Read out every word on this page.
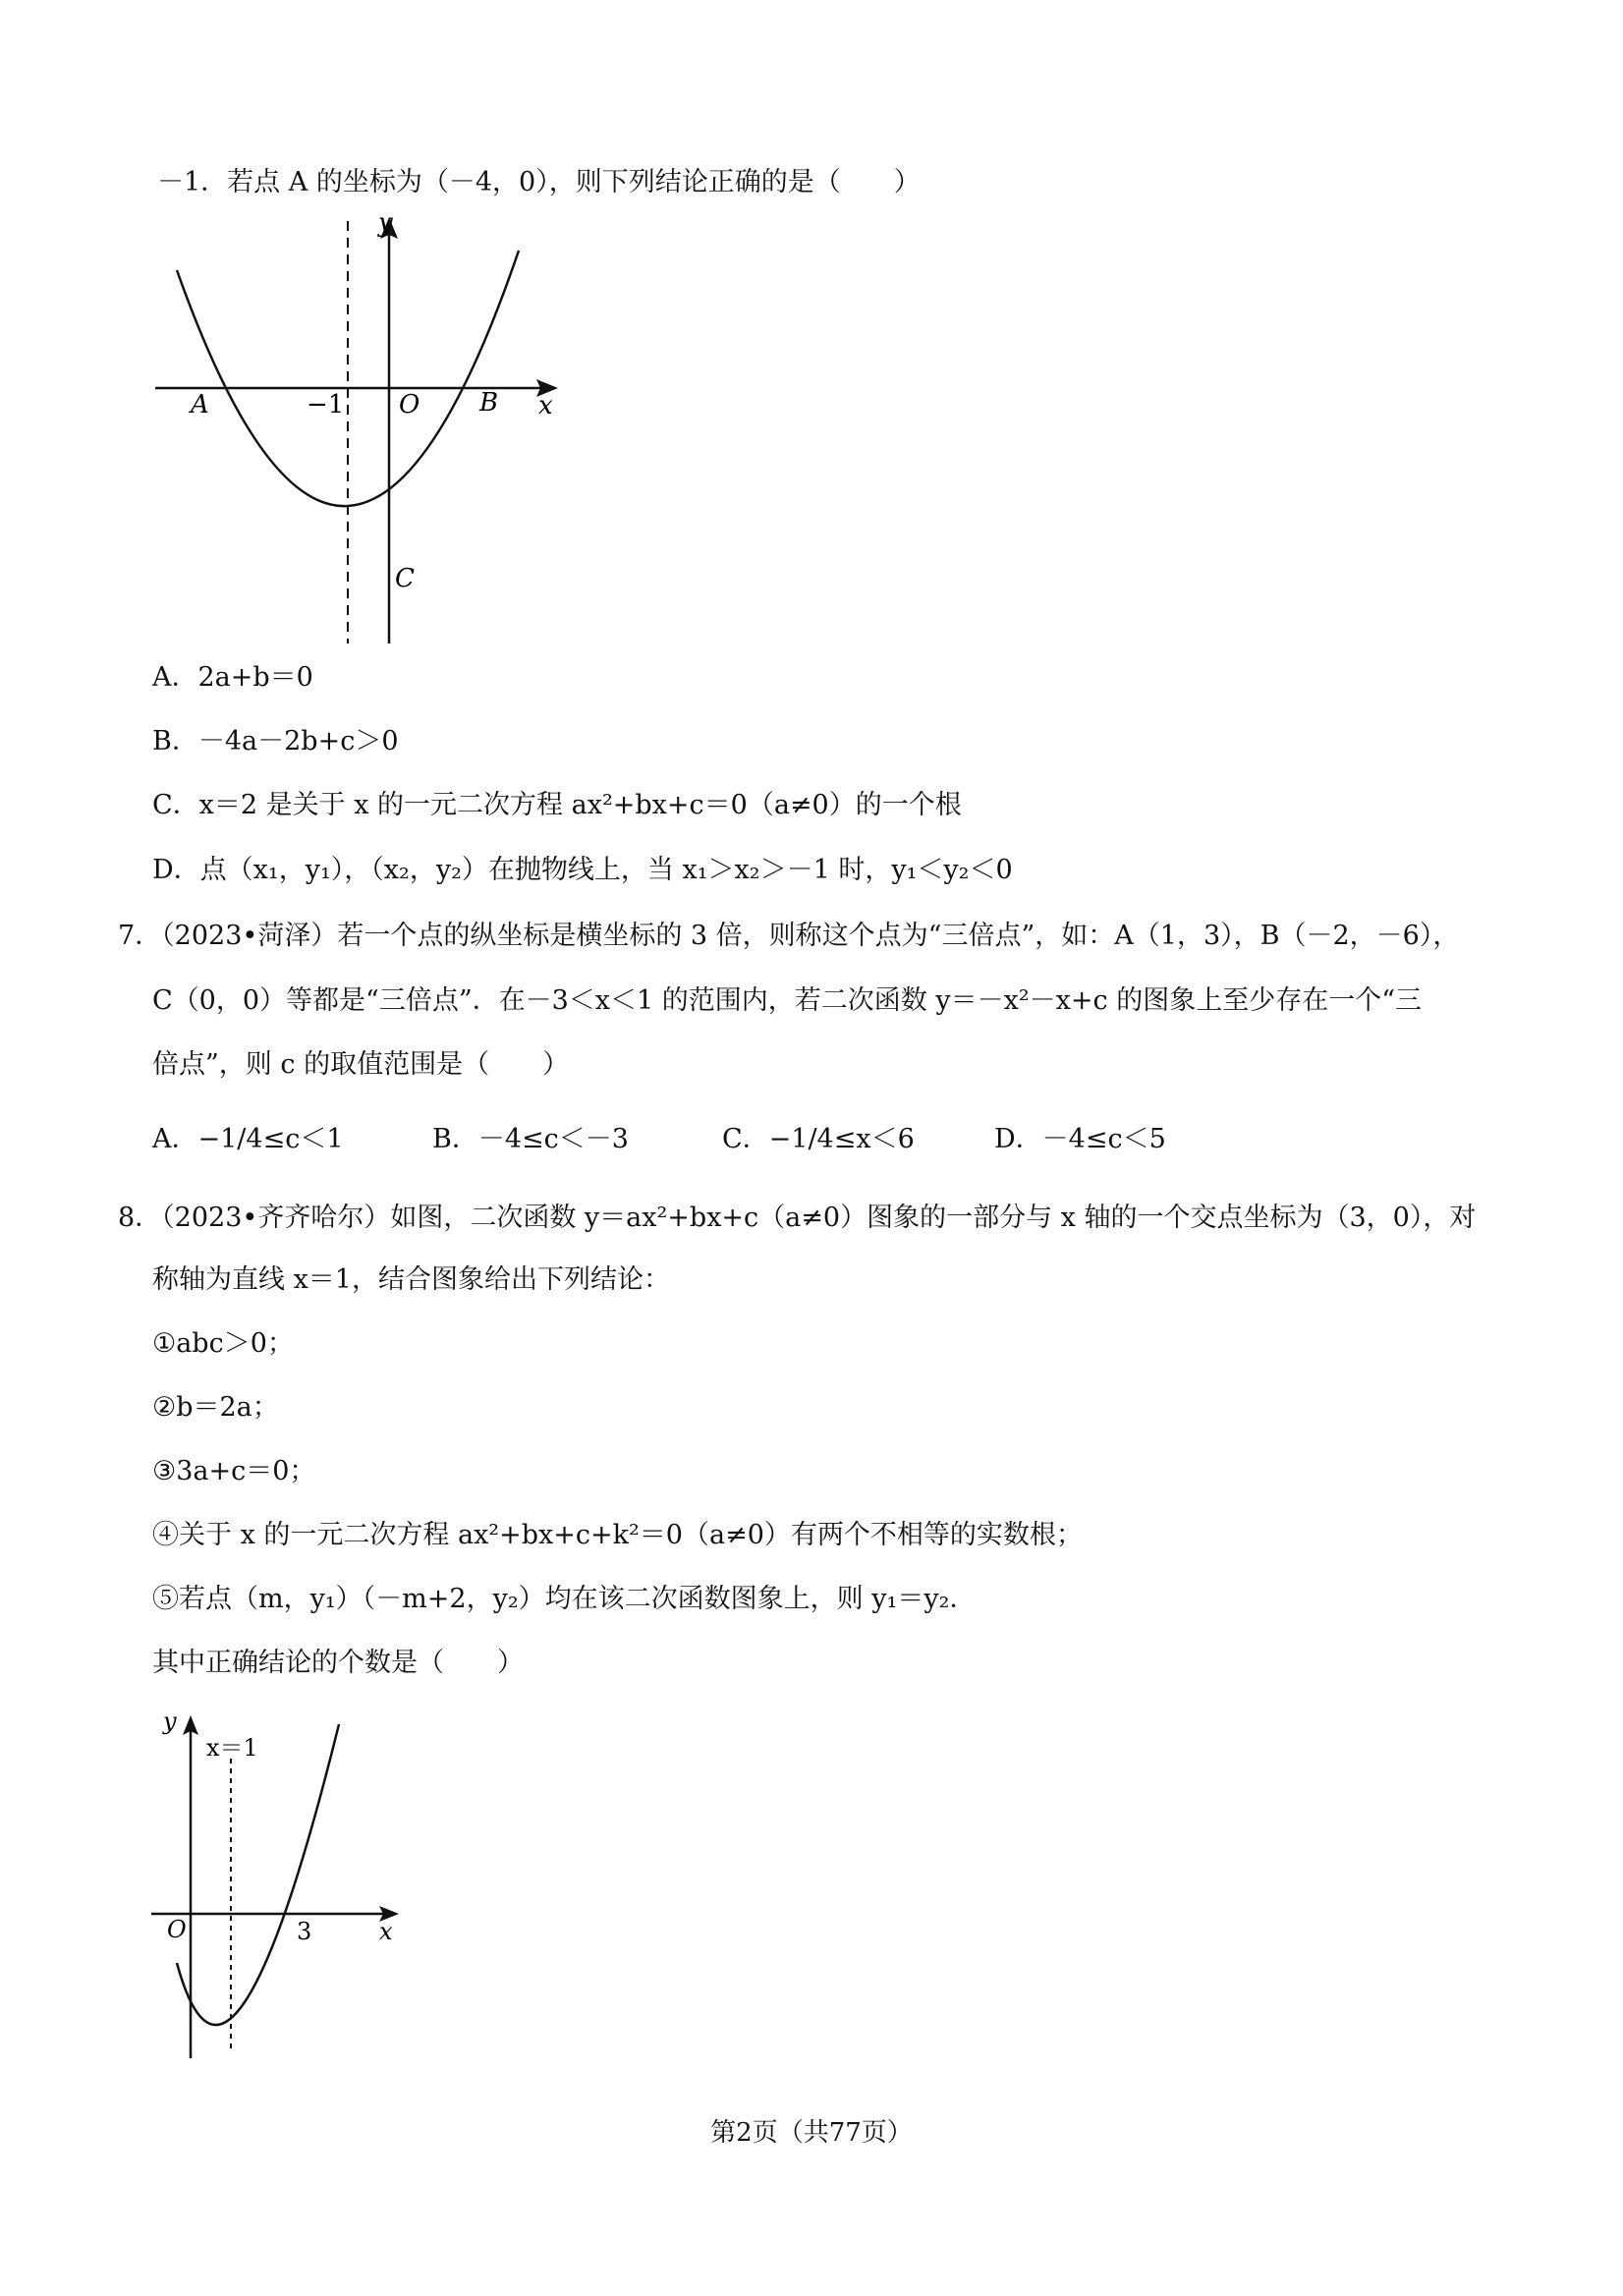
－1．若点 A 的坐标为（－4，0），则下列结论正确的是（　　）
y
x
A	−1 O B
C
A．2a+b＝0
B．－4a－2b+c＞0
C．x＝2 是关于 x 的一元二次方程 ax²+bx+c＝0（a≠0）的一个根
D．点（x₁，y₁），（x₂，y₂）在抛物线上，当 x₁＞x₂＞－1 时，y₁＜y₂＜0
7．（2023•菏泽）若一个点的纵坐标是横坐标的 3 倍，则称这个点为“三倍点”，如：A（1，3），B（－2，－6），
C（0，0）等都是“三倍点”．在－3＜x＜1 的范围内，若二次函数 y＝－x²－x+c 的图象上至少存在一个“三
倍点”，则 c 的取值范围是（　　）
A．−1/4≤c＜1	B．－4≤c＜－3	C．−1/4≤x＜6	D．－4≤c＜5
8．（2023•齐齐哈尔）如图，二次函数 y＝ax²+bx+c（a≠0）图象的一部分与 x 轴的一个交点坐标为（3，0），对
称轴为直线 x＝1，结合图象给出下列结论：
①abc＞0；
②b＝2a；
③3a+c＝0；
④关于 x 的一元二次方程 ax²+bx+c+k²＝0（a≠0）有两个不相等的实数根；
⑤若点（m，y₁）（－m+2，y₂）均在该二次函数图象上，则 y₁＝y₂．
其中正确结论的个数是（　　）
y
x＝1
O	3	x
第2页（共77页）
